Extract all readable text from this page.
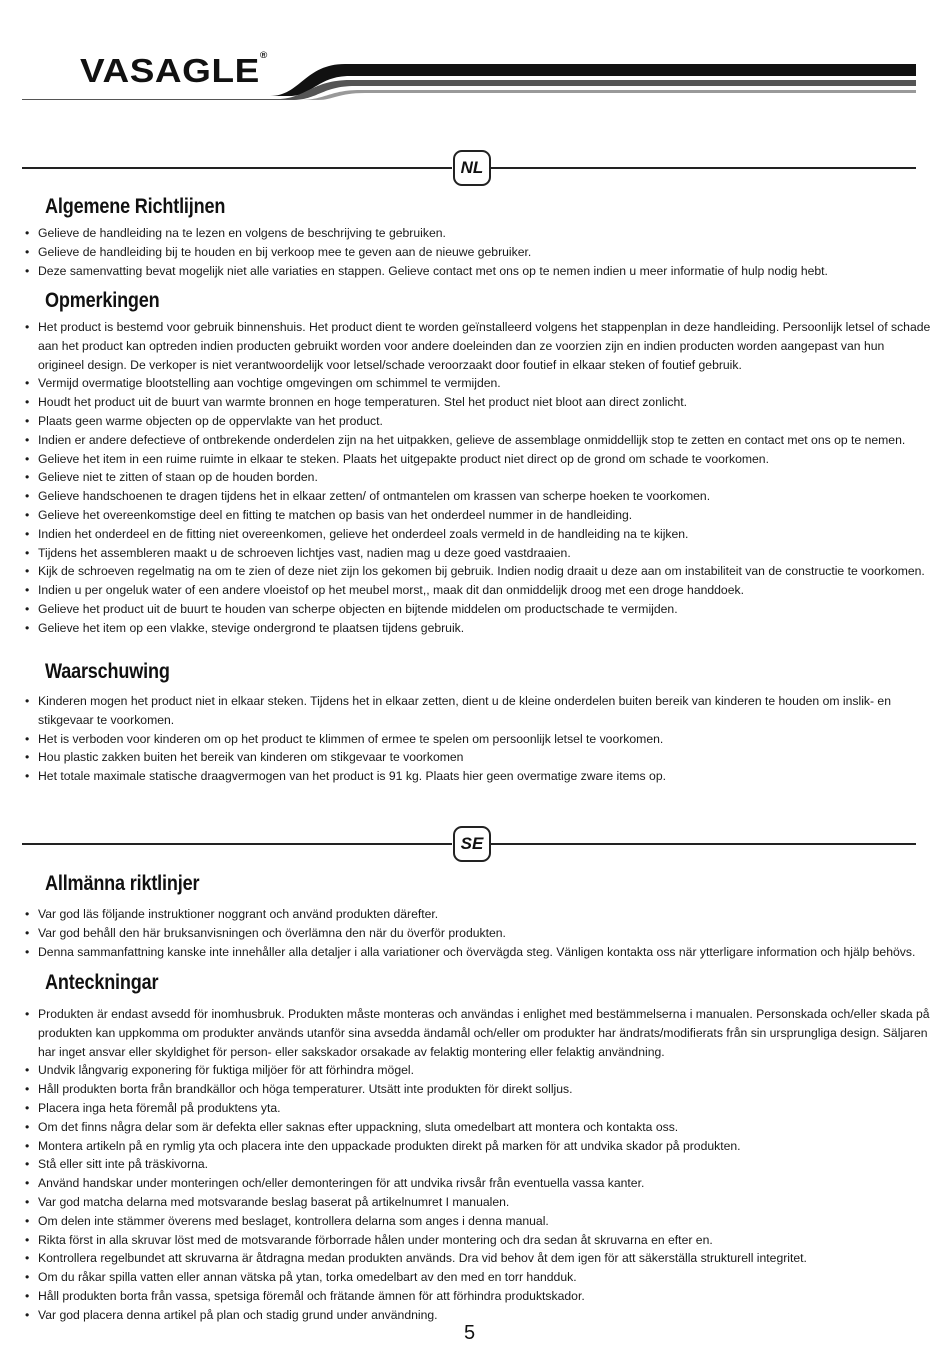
VASAGLE®
NL
Algemene Richtlijnen
• Gelieve de handleiding na te lezen en volgens de beschrijving te gebruiken.
• Gelieve de handleiding bij te houden en bij verkoop mee te geven aan de nieuwe gebruiker.
• Deze samenvatting bevat mogelijk niet alle variaties en stappen. Gelieve contact met ons op te nemen indien u meer informatie of hulp nodig hebt.
Opmerkingen
• Het product is bestemd voor gebruik binnenshuis. Het product dient te worden geïnstalleerd volgens het stappenplan in deze handleiding. Persoonlijk letsel of schade aan het product kan optreden indien producten gebruikt worden voor andere doeleinden dan ze voorzien zijn en indien producten worden aangepast van hun origineel design. De verkoper is niet verantwoordelijk voor letsel/schade veroorzaakt door foutief in elkaar steken of foutief gebruik.
• Vermijd overmatige blootstelling aan vochtige omgevingen om schimmel te vermijden.
• Houdt het product uit de buurt van warmte bronnen en hoge temperaturen. Stel het product niet bloot aan direct zonlicht.
• Plaats geen warme objecten op de oppervlakte van het product.
• Indien er andere defectieve of ontbrekende onderdelen zijn na het uitpakken, gelieve de assemblage onmiddellijk stop te zetten en contact met ons op te nemen.
• Gelieve het item in een ruime ruimte in elkaar te steken. Plaats het uitgepakte product niet direct op de grond om schade te voorkomen.
• Gelieve niet te zitten of staan op de houden borden.
• Gelieve handschoenen te dragen tijdens het in elkaar zetten/ of ontmantelen om krassen van scherpe hoeken te voorkomen.
• Gelieve het overeenkomstige deel en fitting te matchen op basis van het onderdeel nummer in de handleiding.
• Indien het onderdeel en de fitting niet overeenkomen, gelieve het onderdeel zoals vermeld in de handleiding na te kijken.
• Tijdens het assembleren maakt u de schroeven lichtjes vast, nadien mag u deze goed vastdraaien.
• Kijk de schroeven regelmatig na om te zien of deze niet zijn los gekomen bij gebruik. Indien nodig draait u deze aan om instabiliteit van de constructie te voorkomen.
• Indien u per ongeluk water of een andere vloeistof op het meubel morst,, maak dit dan onmiddelijk droog met een droge handdoek.
• Gelieve het product uit de buurt te houden van scherpe objecten en bijtende middelen om productschade te vermijden.
• Gelieve het item op een vlakke, stevige ondergrond te plaatsen tijdens gebruik.
Waarschuwing
• Kinderen mogen het product niet in elkaar steken. Tijdens het in elkaar zetten, dient u de kleine onderdelen buiten bereik van kinderen te houden om inslik- en stikgevaar te voorkomen.
• Het is verboden voor kinderen om op het product te klimmen of ermee te spelen om persoonlijk letsel te voorkomen.
• Hou plastic zakken buiten het bereik van kinderen om stikgevaar te voorkomen
• Het totale maximale statische draagvermogen van het product is 91 kg. Plaats hier geen overmatige zware items op.
SE
Allmänna riktlinjer
• Var god läs följande instruktioner noggrant och använd produkten därefter.
• Var god behåll den här bruksanvisningen och överlämna den när du överför produkten.
• Denna sammanfattning kanske inte innehåller alla detaljer i alla variationer och övervägda steg. Vänligen kontakta oss när ytterligare information och hjälp behövs.
Anteckningar
• Produkten är endast avsedd för inomhusbruk. Produkten måste monteras och användas i enlighet med bestämmelserna i manualen. Personskada och/eller skada på produkten kan uppkomma om produkter används utanför sina avsedda ändamål och/eller om produkter har ändrats/modifierats från sin ursprungliga design. Säljaren har inget ansvar eller skyldighet för person- eller sakskador orsakade av felaktig montering eller felaktig användning.
• Undvik långvarig exponering för fuktiga miljöer för att förhindra mögel.
• Håll produkten borta från brandkällor och höga temperaturer. Utsätt inte produkten för direkt solljus.
• Placera inga heta föremål på produktens yta.
• Om det finns några delar som är defekta eller saknas efter uppackning, sluta omedelbart att montera och kontakta oss.
• Montera artikeln på en rymlig yta och placera inte den uppackade produkten direkt på marken för att undvika skador på produkten.
• Stå eller sitt inte på träskivorna.
• Använd handskar under monteringen och/eller demonteringen för att undvika rivsår från eventuella vassa kanter.
• Var god matcha delarna med motsvarande beslag baserat på artikelnumret I manualen.
• Om delen inte stämmer överens med beslaget, kontrollera delarna som anges i denna manual.
• Rikta först in alla skruvar löst med de motsvarande förborrade hålen under montering och dra sedan åt skruvarna en efter en.
• Kontrollera regelbundet att skruvarna är åtdragna medan produkten används. Dra vid behov åt dem igen för att säkerställa strukturell integritet.
• Om du råkar spilla vatten eller annan vätska på ytan, torka omedelbart av den med en torr handduk.
• Håll produkten borta från vassa, spetsiga föremål och frätande ämnen för att förhindra produktskador.
• Var god placera denna artikel på plan och stadig grund under användning.
5
